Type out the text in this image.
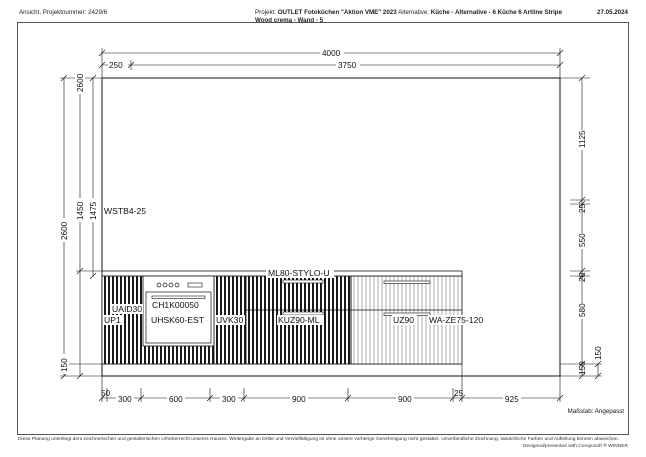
Ansicht, Projektnummer: 2429/6	Projekt: OUTLET Fotoküchen "Aktion VME" 2023 Alternative: Küche - Alternative - 6 Küche 6 Artline Stripe
Wood crema - Wand - 5
27.05.2024
WSTB4-25
ML80-STYLO-U
CH1K00050
UHSK60-EST
UAID30
UP1	UVK30	KUZ90-ML	UZ90 WA-ZE75-120
4000
3750
250
2600
1475
1450
2600
150
50	25
300	600	300	900	900	925
1125
25
550
20
580
150
150
Maßstab: Angepasst
Diese Planung unterliegt dem zeichnerischen und gestalterischen Urheberrecht unseres Hauses. Weitergabe an Dritte und Vervielfältigung ist ohne unsere vorherige Genehmigung nicht gestattet. Unverbindliche Zeichnung, tatsächliche Farben und Aufteilung können abweichen.
Designed/presented with Compusoft ® WINNER
